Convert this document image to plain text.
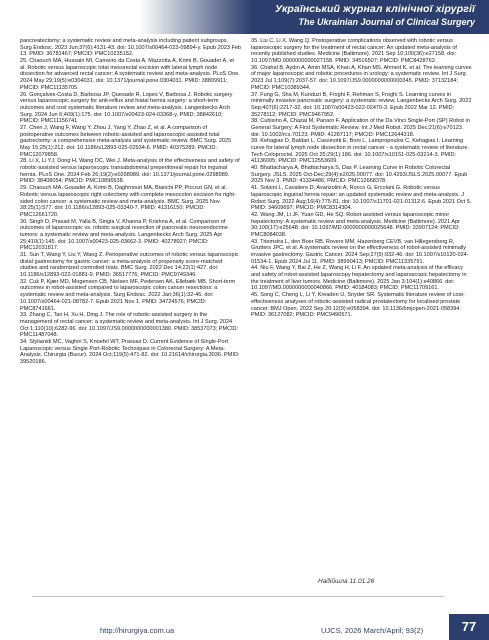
Український журнал клінічної хірургії
The Ukrainian Journal of Clinical Surgery

pancreatectomy: a systematic review and meta-analysis including patient subgroups. Surg Endosc. 2023 Jun;37(6):4131-43. doi: 10.1007/s00464-023-09894-y. Epub 2023 Feb 13. PMID: 36781467; PMCID: PMC10235152.

25. Chaouch MA, Hussain MI, Carneiro da Costa A, Mazzotta A, Krimi B, Gouader A, et al. Robotic versus laparoscopic total mesorectal excision with lateral lymph node dissection for advanced rectal cancer: A systematic review and meta-analysis. PLoS One. 2024 May 29;19(5):e0304031. doi: 10.1371/journal.pone.0304031. PMID: 38809911; PMCID: PMC11135705.

26. Gonçalves-Costa D, Barbosa JP, Quesado R, Lopes V, Barbosa J. Robotic surgery versus laparoscopic surgery for anti-reflux and hiatal hernia surgery: a short-term outcomes and cost systematic literature review and meta-analysis. Langenbecks Arch Surg. 2024 Jun 6;409(1):175. doi: 10.1007/s00423-024-03368-y. PMID: 38842610; PMCID: PMC11156741.

27. Chen J, Wang F, Wang Y, Zhou J, Yang Y, Zhao Z, et al. A comparison of postoperative outcomes between robotic-assisted and laparoscopic-assisted total gastrectomy: a comprehensive meta-analysis and systematic review. BMC Surg. 2025 May 15;25(1):212. doi: 10.1186/s12893-025-02934-6. PMID: 40375289; PMCID: PMC12079858.

28. Li X, Li YJ, Dong H, Wang DC, Wei J. Meta-analysis of the effectiveness and safety of robotic-assisted versus laparoscopic transabdominal preperitoneal repair for inguinal hernia. PLoS One. 2024 Feb 26;19(2):e0298989. doi: 10.1371/journal.pone.0298989. PMID: 38408054; PMCID: PMC10896538.

29. Chaouch MA, Gouader A, Krimi B, Daghmouri MA, Bianchi PP, Piccozi GN, et al. Robotic versus laparoscopic right colectomy with complete mesocolon excision for right-sided colon cancer: a systematic review and meta-analysis. BMC Surg. 2025 Nov 28;25(1):577. doi: 10.1186/s12893-025-03340-7. PMID: 41316150; PMCID: PMC12661720.

30. Singh D, Prasad M, Yalla B, Singla V, Khanna P, Krishna A, et al. Comparison of outcomes of laparoscopic vs. robotic surgical resection of pancreatic neuroendocrine tumors: a systematic review and meta-analysis. Langenbecks Arch Surg. 2025 Apr 25;410(1):145. doi: 10.1007/s00423-025-03662-3. PMID: 40278927; PMCID: PMC12031817.

31. Sun T, Wang Y, Liu Y, Wang Z. Perioperative outcomes of robotic versus laparoscopic distal gastrectomy for gastric cancer: a meta-analysis of propensity score-matched studies and randomized controlled trials. BMC Surg. 2022 Dec 14;22(1):427. doi: 10.1186/s12893-022-01881-9. PMID: 36517776; PMCID: PMC9749346.

32. Cuk P, Kjær MD, Mogensen CB, Nielsen MF, Pedersen AK, Ellebæk MB. Short-term outcomes in robot-assisted compared to laparoscopic colon cancer resections: a systematic review and meta-analysis. Surg Endosc. 2022 Jan;36(1):32-46. doi: 10.1007/s00464-021-08782-7. Epub 2021 Nov 1. PMID: 34724576; PMCID: PMC8741661.

33. Zhang C, Tan H, Xu H, Ding J. The role of robotic-assisted surgery in the management of rectal cancer: a systematic review and meta-analysis. Int J Surg. 2024 Oct 1;110(10):6282-96. doi: 10.1097/JS9.0000000000001380. PMID: 38537073; PMCID: PMC11487048.

34. Stylianidi MC, Vaghiri S, Knoefel WT, Prassas D. Current Evidence of Single-Port Laparoscopic versus Single Port-Robotic Techniques in Colorectal Surgery: A Meta-Analysis. Chirurgia (Bucur). 2024 Oct;119(5):471-82. doi: 10.21614/chirurgia.3036. PMID: 39520186.

35. Liu C, Li X, Wang Q. Postoperative complications observed with robotic versus laparoscopic surgery for the treatment of rectal cancer: An updated meta-analysis of recently published studies. Medicine (Baltimore). 2021 Sep 10;100(36):e27158. doi: 10.1097/MD.0000000000027158. PMID: 34516507; PMCID: PMC8428762.

36. Chahal B, Aydın A, Amin MSA, Khan A, Khan MS, Ahmed K, et al. The learning curves of major laparoscopic and robotic procedures in urology: a systematic review. Int J Surg. 2023 Jul 1;109(7):2037-57. doi: 10.1097/JS9.0000000000000345. PMID: 37132184; PMCID: PMC10389344.

37. Fung G, Sha M, Kunduzi B, Froghi F, Rehman S, Froghi S. Learning curves in minimally invasive pancreatic surgery: a systematic review. Langenbecks Arch Surg. 2022 Sep;407(6):2217-32. doi: 10.1007/s00423-022-02470-3. Epub 2022 Mar 12. PMID: 35278112; PMCID: PMC9467952.

38. Cubisino A, Chazal M, Panaro F. Application of the Da Vinci Single-Port (SP) Robot in General Surgery: A First Systematic Review. Int J Med Robot. 2025 Dec;21(6):e70123. doi: 10.1002/rcs.70123. PMID: 41287117; PMCID: PMC12644318.

39. Kehagias D, Baldari L, Cassinotti E, Boni L, Lampropoulos C, Kehagias I. Learning curve for lateral lymph node dissection in rectal cancer - a systematic review of literature. Tech Coloproctol. 2025 Oct 25;29(1):186. doi: 10.1007/s10151-025-03214-3. PMID: 41136005; PMCID: PMC12553609.

40. Bhattacharya A, Bhattacharya S, Das P. Learning Curve in Robotic Colorectal Surgery. JSLS. 2025 Oct-Dec;29(4):e2025.00077. doi: 10.4293/JSLS.2025.00077. Epub 2025 Nov 3. PMID: 41334486; PMCID: PMC12668378.

41. Solaini L, Cavaliere D, Avanzolini A, Rocco G, Ercolani G. Robotic versus laparoscopic inguinal hernia repair: an updated systematic review and meta-analysis. J Robot Surg. 2022 Aug;16(4):775-81. doi: 10.1007/s11701-021-01312-6. Epub 2021 Oct 5. PMID: 34609697; PMCID: PMC8314304.

42. Wang JM, Li JF, Yuan GD, He SQ. Robot-assisted versus laparoscopic minor hepatectomy: A systematic review and meta-analysis. Medicine (Baltimore). 2021 Apr 30;100(17):e25648. doi: 10.1097/MD.0000000000025648. PMID: 33907124; PMCID: PMC8084038.

43. Triemstra L, den Boer RB, Rovers MM, Hazenberg CEVB, van Hillegersberg R, Grutters JPC, et al. A systematic review on the effectiveness of robot-assisted minimally invasive gastrectomy. Gastric Cancer. 2024 Sep;27(5):932-46. doi: 10.1007/s10120-024-01534-1. Epub 2024 Jul 11. PMID: 38990413; PMCID: PMC11335791.

44. Niu F, Wang Y, Bai Z, He Z, Wang H, Li F. An updated meta-analysis of the efficacy and safety of robot-assisted laparoscopy hepatectomy and laparoscopic hepatectomy in the treatment of liver tumors. Medicine (Baltimore). 2025 Jan 3;104(1):e40866. doi: 10.1097/MD.0000000000040866. PMID: 40184083; PMCID: PMC11709161.

45. Song C, Cheng L, Li Y, Kreaden U, Snyder SR. Systematic literature review of cost-effectiveness analyses of robotic-assisted radical prostatectomy for localised prostate cancer. BMJ Open. 2022 Sep 20;12(9):e058394. doi: 10.1136/bmjopen-2021-058394. PMID: 36127082; PMCID: PMC9490571.

Надійшла 11.01.26
http://hirurgiya.com.ua	UJCS, 2026 March/April; 93(2)	77
